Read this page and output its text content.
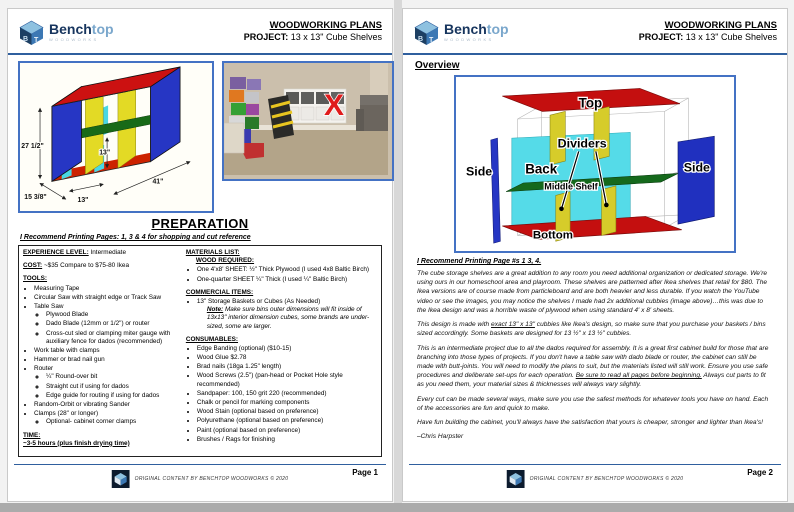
B T
Benchtop
WOODWORKS
WOODWORKING PLANS
PROJECT: 13 x 13" Cube Shelves
27 1/2"
15 3/8"
13"
13"
41"
X
PREPARATION
I Recommend Printing Pages: 1, 3 & 4 for shopping and cut reference
EXPERIENCE LEVEL: Intermediate
COST: ~$35 Compare to $75-80 Ikea
TOOLS:
• Measuring Tape
• Circular Saw with straight edge or Track Saw
• Table Saw
◦ Plywood Blade
◦ Dado Blade (12mm or 1/2") or router
◦ Cross-cut sled or clamping miter gauge with auxiliary fence for dados (recommended)
• Work table with clamps
• Hammer or brad nail gun
• Router
◦ ¼" Round-over bit
◦ Straight cut if using for dados
◦ Edge guide for routing if using for dados
• Random-Orbit or vibrating Sander
• Clamps (28" or longer)
◦ Optional- cabinet corner clamps
TIME:
~3-5 hours (plus finish drying time)
MATERIALS LIST:
WOOD REQUIRED:
• One 4'x8' SHEET: ½" Thick Plywood (I used 4x8 Baltic Birch)
• One-quarter SHEET ¼" Thick (I used ¼" Baltic Birch)
COMMERCIAL ITEMS:
• 13" Storage Baskets or Cubes (As Needed)
Note: Make sure bins outer dimensions will fit inside of 13x13" interior dimension cubes, some brands are under-sized, some are larger.
CONSUMABLES:
• Edge Banding (optional) ($10-15)
• Wood Glue $2.78
• Brad nails (18ga 1.25" length)
• Wood Screws (2.5") (pan-head or Pocket Hole style recommended)
• Sandpaper: 100, 150 grit 220 (recommended)
• Chalk or pencil for marking components
• Wood Stain (optional based on preference)
• Polyurethane (optional based on preference)
• Paint (optional based on preference)
• Brushes / Rags for finishing
ORIGINAL CONTENT BY BENCHTOP WOODWORKS © 2020
Page 1
B T
Benchtop
WOODWORKS
WOODWORKING PLANS
PROJECT: 13 x 13" Cube Shelves
Overview
Top
Dividers
Side Back
Middle Shelf
Side
Bottom
I Recommend Printing Page #s 1 3, 4.

The cube storage shelves are a great addition to any room you need additional organization or dedicated storage. We're using ours in our homeschool area and playroom. These shelves are patterned after Ikea shelves that retail for $80. The Ikea versions are of course made from particleboard and are both heavier and less durable. If you watch the YouTube video or see the images, you may notice the shelves I made had 2x additional cubbies (image above)…this was due to the Ikea design and was a horrible waste of plywood when using standard 4' x 8' sheets.

This design is made with exact 13" x 13" cubbies like Ikea's design, so make sure that you purchase your baskets / bins sized accordingly. Some baskets are designed for 13 ½" x 13 ½" cubbies.

This is an intermediate project due to all the dados required for assembly. It is a great first cabinet build for those that are branching into those types of projects. If you don't have a table saw with dado blade or router, the cabinet can still be made with butt-joints. You will need to modify the plans to suit, but the materials listed will still work. Ensure you use safe procedures and deliberate set-ups for each operation. Be sure to read all pages before beginning. Always cut parts to fit as you need them, your material sizes & thicknesses will always vary slightly.

Every cut can be made several ways, make sure you use the safest methods for whatever tools you have on hand. Each of the accessories are fun and quick to make.

Have fun building the cabinet, you'll always have the satisfaction that yours is cheaper, stronger and lighter than Ikea's!

–Chris Harpster

ORIGINAL CONTENT BY BENCHTOP WOODWORKS © 2020
Page 2
